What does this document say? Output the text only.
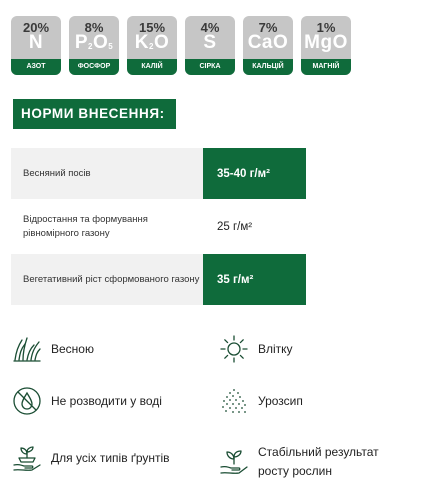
20%
N
АЗОТ
8%
$P_2O_5$
ФОСФОР
15%
$K_2O$
КАЛІЙ
4%
S
СІРКА
7%
CaO
КАЛЬЦІЙ
1%
MgO
МАГНІЙ
НОРМИ ВНЕСЕННЯ:
Весняний посів	35-40 г/м²
Відростання та формування рівномірного газону
25 г/м²
Вегетативний ріст сформованого газону	35 г/м²
Весною	Влітку
Не розводити у воді	Урозсип
Для усіх типів ґрунтів	Стабільний результат росту рослин
